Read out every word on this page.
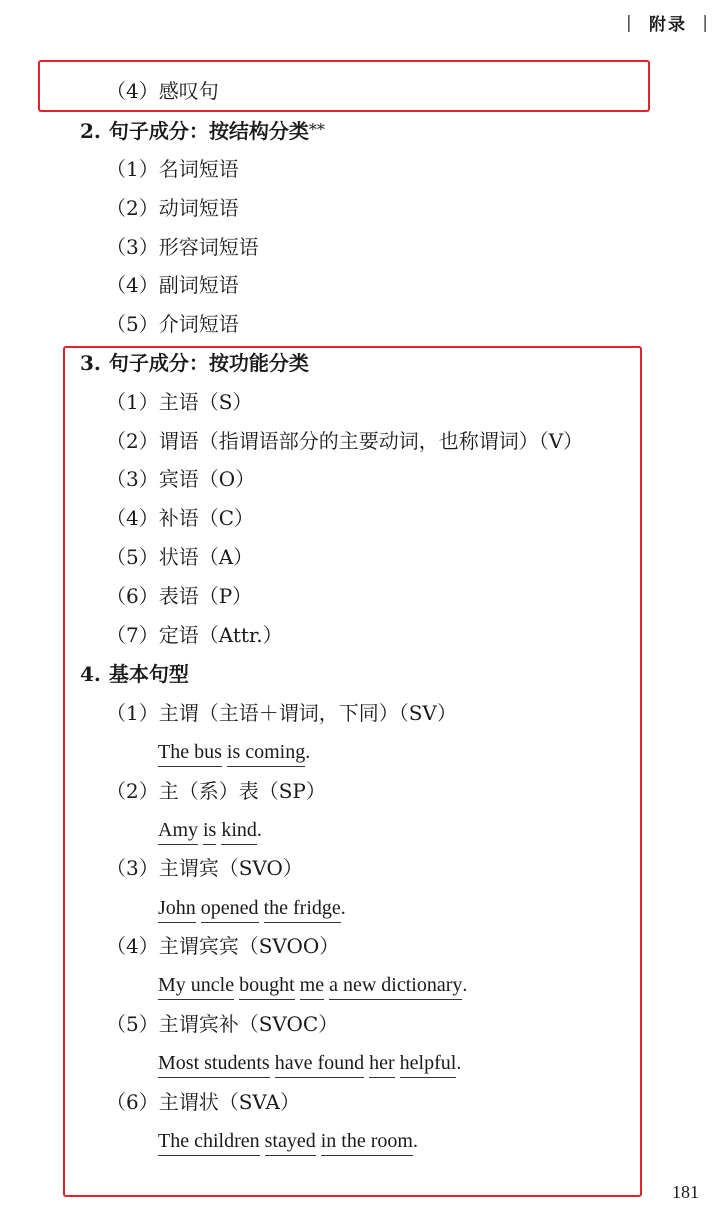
| 附录 |
（4）感叹句
2. 句子成分：按结构分类**
（1）名词短语
（2）动词短语
（3）形容词短语
（4）副词短语
（5）介词短语
3. 句子成分：按功能分类
（1）主语（S）
（2）谓语（指谓语部分的主要动词，也称谓词）（V）
（3）宾语（O）
（4）补语（C）
（5）状语（A）
（6）表语（P）
（7）定语（Attr.）
4. 基本句型
（1）主谓（主语＋谓词，下同）（SV）
The bus is coming.
（2）主（系）表（SP）
Amy is kind.
（3）主谓宾（SVO）
John opened the fridge.
（4）主谓宾宾（SVOO）
My uncle bought me a new dictionary.
（5）主谓宾补（SVOC）
Most students have found her helpful.
（6）主谓状（SVA）
The children stayed in the room.
181
